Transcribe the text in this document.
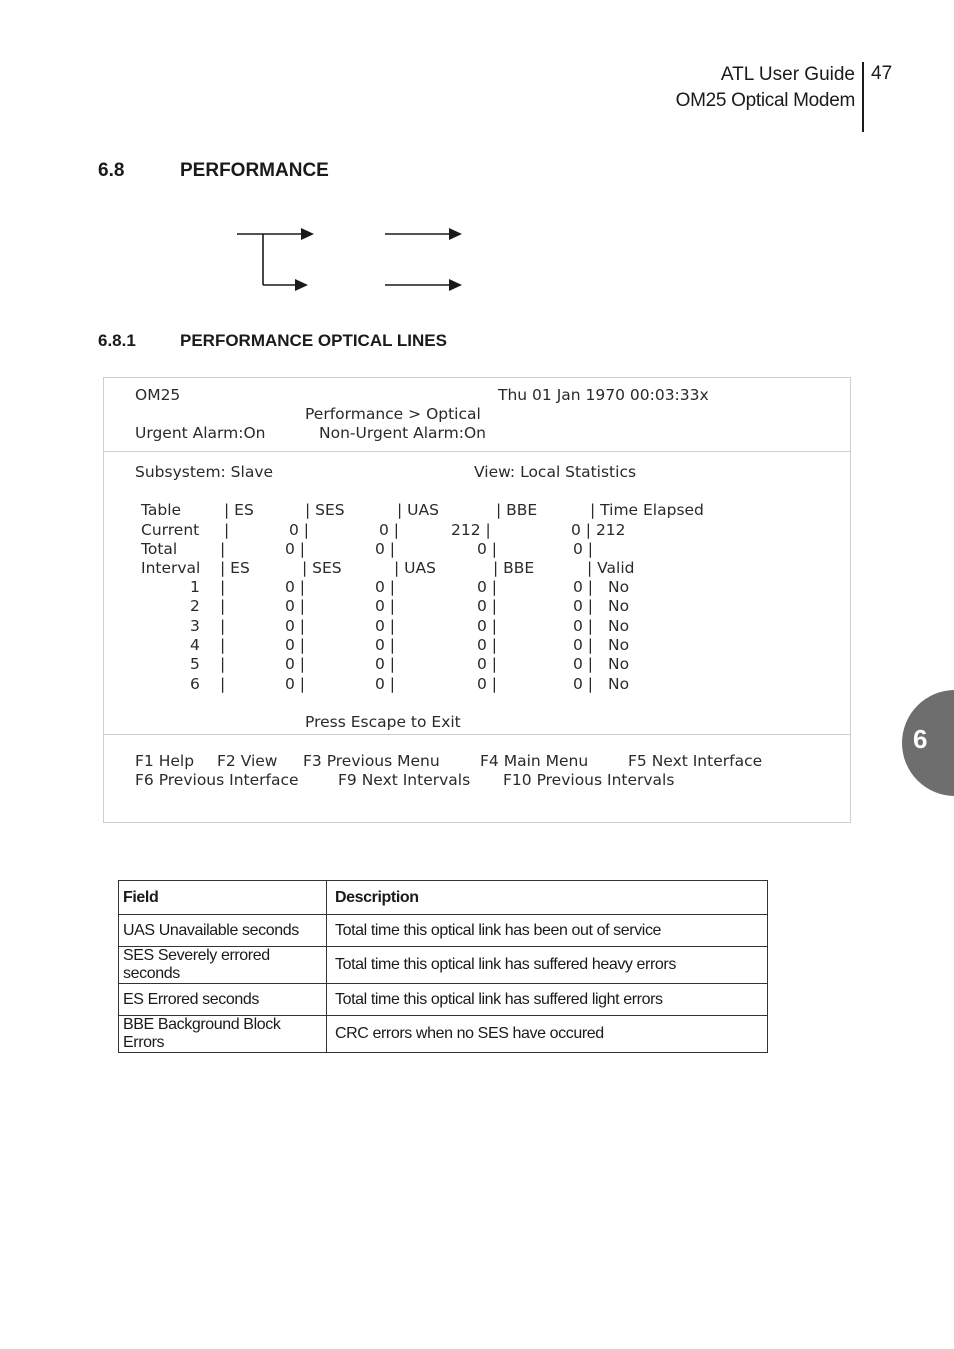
ATL User Guide
OM25 Optical Modem
47
6.8	PERFORMANCE
6.8.1	PERFORMANCE OPTICAL LINES
OM25	Thu 01 Jan 1970 00:03:33x
Performance > Optical
Urgent Alarm:On	Non-Urgent Alarm:On
Subsystem: Slave	View: Local Statistics
Table	| ES	| SES	| UAS	| BBE	| Time Elapsed
Current |	0 |	0 |	212 |	0 | 212
Total	|	0 |	0 |	0 |	0 |
Interval | ES	| SES	| UAS	| BBE	| Valid
1 |	0 |	0 |	0 |	0 | No
2 |	0 |	0 |	0 |	0 | No
3 |	0 |	0 |	0 |	0 | No
4 |	0 |	0 |	0 |	0 | No
5 |	0 |	0 |	0 |	0 | No
6 |	0 |	0 |	0 |	0 | No
Press Escape to Exit
F1 Help F2 View F3 Previous Menu	F4 Main Menu	F5 Next Interface
F6 Previous Interface	F9 Next Intervals F10 Previous Intervals
6
Field	Description
UAS Unavailable seconds	Total time this optical link has been out of service
SES Severely errored seconds	Total time this optical link has suffered heavy errors
ES Errored seconds	Total time this optical link has suffered light errors
BBE Background Block Errors	CRC errors when no SES have occured
